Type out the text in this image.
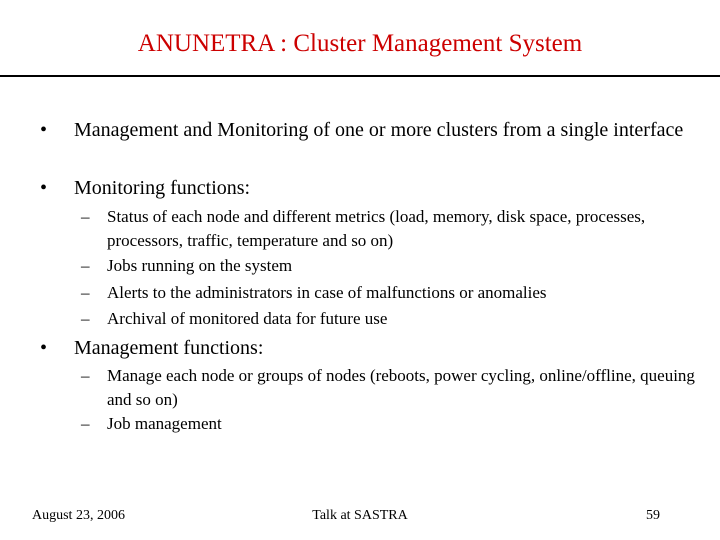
ANUNETRA : Cluster Management System
• Management and Monitoring of one or more clusters from a single interface
• Monitoring functions:
– Status of each node and different metrics (load, memory, disk space, processes, processors, traffic, temperature and so on)
– Jobs running on the system
– Alerts to the administrators in case of malfunctions or anomalies
– Archival of monitored data for future use
• Management functions:
– Manage each node or groups of nodes (reboots, power cycling, online/offline, queuing and so on)
– Job management
August 23, 2006	Talk at SASTRA	59
